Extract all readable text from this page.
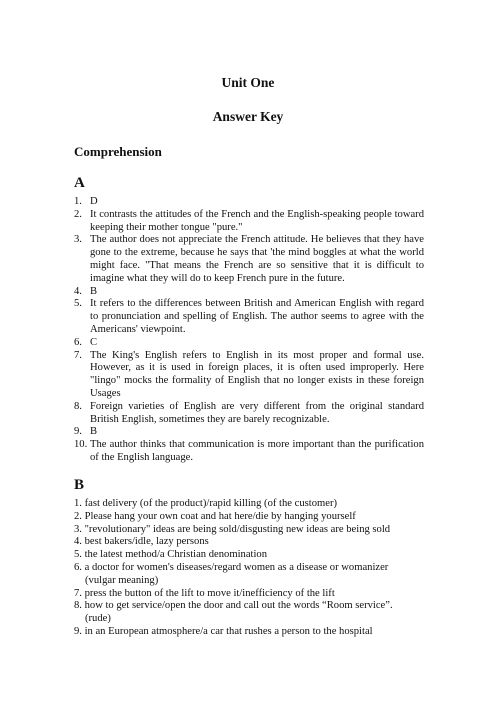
Unit One
Answer Key
Comprehension
A
1. D
2. It contrasts the attitudes of the French and the English-speaking people toward keeping their mother tongue "pure."
3. The author does not appreciate the French attitude. He believes that they have gone to the extreme, because he says that 'the mind boggles at what the world might face. "That means the French are so sensitive that it is difficult to imagine what they will do to keep French pure in the future.
4. B
5. It refers to the differences between British and American English with regard to pronunciation and spelling of English. The author seems to agree with the Americans' viewpoint.
6. C
7. The King's English refers to English in its most proper and formal use. However, as it is used in foreign places, it is often used improperly. Here "lingo" mocks the formality of English that no longer exists in these foreign Usages
8. Foreign varieties of English are very different from the original standard British English, sometimes they are barely recognizable.
9. B
10. The author thinks that communication is more important than the purification of the English language.
B
1. fast delivery (of the product)/rapid killing (of the customer)
2. Please hang your own coat and hat here/die by hanging yourself
3. "revolutionary" ideas are being sold/disgusting new ideas are being sold
4. best bakers/idle, lazy persons
5. the latest method/a Christian denomination
6. a doctor for women's diseases/regard women as a disease or womanizer
(vulgar meaning)
7. press the button of the lift to move it/inefficiency of the lift
8. how to get service/open the door and call out the words “Room service”.
(rude)
9. in an European atmosphere/a car that rushes a person to the hospital
